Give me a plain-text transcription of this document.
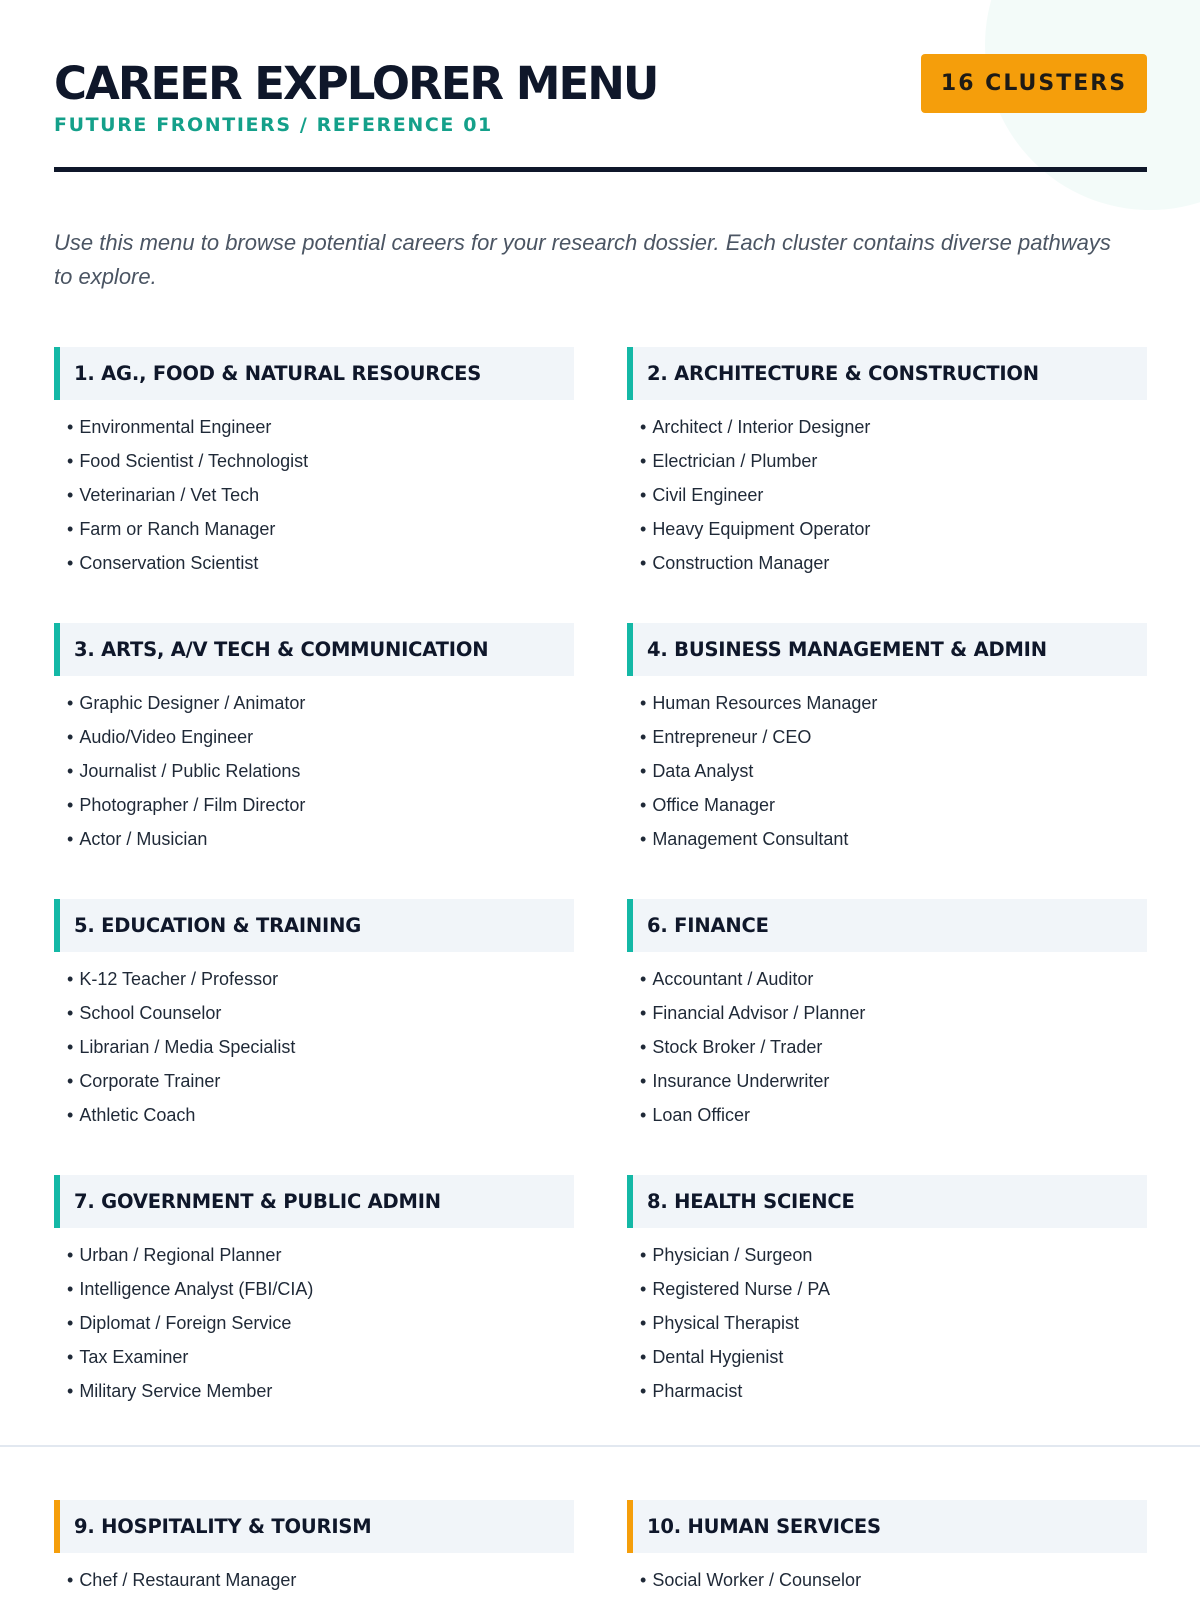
CAREER EXPLORER MENU
FUTURE FRONTIERS / REFERENCE 01
16 CLUSTERS

Use this menu to browse potential careers for your research dossier. Each cluster contains diverse pathways to explore.

1. AG., FOOD & NATURAL RESOURCES
• Environmental Engineer
• Food Scientist / Technologist
• Veterinarian / Vet Tech
• Farm or Ranch Manager
• Conservation Scientist
2. ARCHITECTURE & CONSTRUCTION
• Architect / Interior Designer
• Electrician / Plumber
• Civil Engineer
• Heavy Equipment Operator
• Construction Manager
3. ARTS, A/V TECH & COMMUNICATION
• Graphic Designer / Animator
• Audio/Video Engineer
• Journalist / Public Relations
• Photographer / Film Director
• Actor / Musician
4. BUSINESS MANAGEMENT & ADMIN
• Human Resources Manager
• Entrepreneur / CEO
• Data Analyst
• Office Manager
• Management Consultant
5. EDUCATION & TRAINING
• K-12 Teacher / Professor
• School Counselor
• Librarian / Media Specialist
• Corporate Trainer
• Athletic Coach
6. FINANCE
• Accountant / Auditor
• Financial Advisor / Planner
• Stock Broker / Trader
• Insurance Underwriter
• Loan Officer
7. GOVERNMENT & PUBLIC ADMIN
• Urban / Regional Planner
• Intelligence Analyst (FBI/CIA)
• Diplomat / Foreign Service
• Tax Examiner
• Military Service Member
8. HEALTH SCIENCE
• Physician / Surgeon
• Registered Nurse / PA
• Physical Therapist
• Dental Hygienist
• Pharmacist
9. HOSPITALITY & TOURISM
• Chef / Restaurant Manager
10. HUMAN SERVICES
• Social Worker / Counselor
